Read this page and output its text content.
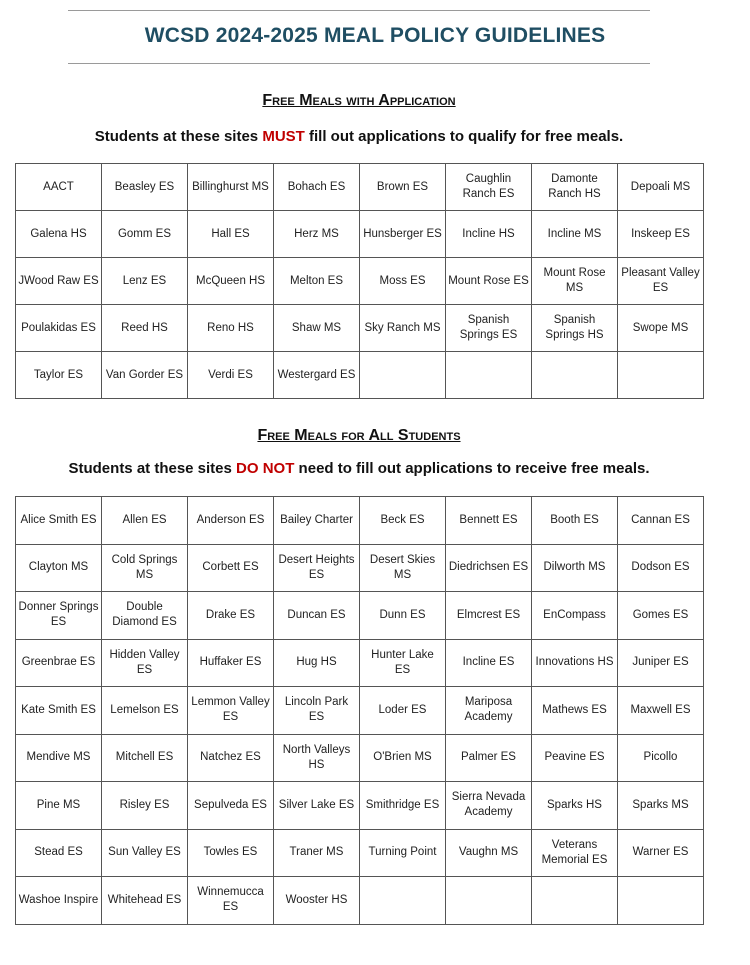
WCSD 2024-2025 MEAL POLICY GUIDELINES
Free Meals with Application
Students at these sites MUST fill out applications to qualify for free meals.
AACT	Beasley ES	Billinghurst MS	Bohach ES	Brown ES	Caughlin Ranch ES	Damonte Ranch HS	Depoali MS
Galena HS	Gomm ES	Hall ES	Herz MS	Hunsberger ES	Incline HS	Incline MS	Inskeep ES
JWood Raw ES	Lenz ES	McQueen HS	Melton ES	Moss ES	Mount Rose ES	Mount Rose MS	Pleasant Valley ES
Poulakidas ES	Reed HS	Reno HS	Shaw MS	Sky Ranch MS	Spanish Springs ES	Spanish Springs HS	Swope MS
Taylor ES	Van Gorder ES	Verdi ES	Westergard ES				
Free Meals for All Students
Students at these sites DO NOT need to fill out applications to receive free meals.
Alice Smith ES	Allen ES	Anderson ES	Bailey Charter	Beck ES	Bennett ES	Booth ES	Cannan ES
Clayton MS	Cold Springs MS	Corbett ES	Desert Heights ES	Desert Skies MS	Diedrichsen ES	Dilworth MS	Dodson ES
Donner Springs ES	Double Diamond ES	Drake ES	Duncan ES	Dunn ES	Elmcrest ES	EnCompass	Gomes ES
Greenbrae ES	Hidden Valley ES	Huffaker ES	Hug HS	Hunter Lake ES	Incline ES	Innovations HS	Juniper ES
Kate Smith ES	Lemelson ES	Lemmon Valley ES	Lincoln Park ES	Loder ES	Mariposa Academy	Mathews ES	Maxwell ES
Mendive MS	Mitchell ES	Natchez ES	North Valleys HS	O'Brien MS	Palmer ES	Peavine ES	Picollo
Pine MS	Risley ES	Sepulveda ES	Silver Lake ES	Smithridge ES	Sierra Nevada Academy	Sparks HS	Sparks MS
Stead ES	Sun Valley ES	Towles ES	Traner MS	Turning Point	Vaughn MS	Veterans Memorial ES	Warner ES
Washoe Inspire	Whitehead ES	Winnemucca ES	Wooster HS				
